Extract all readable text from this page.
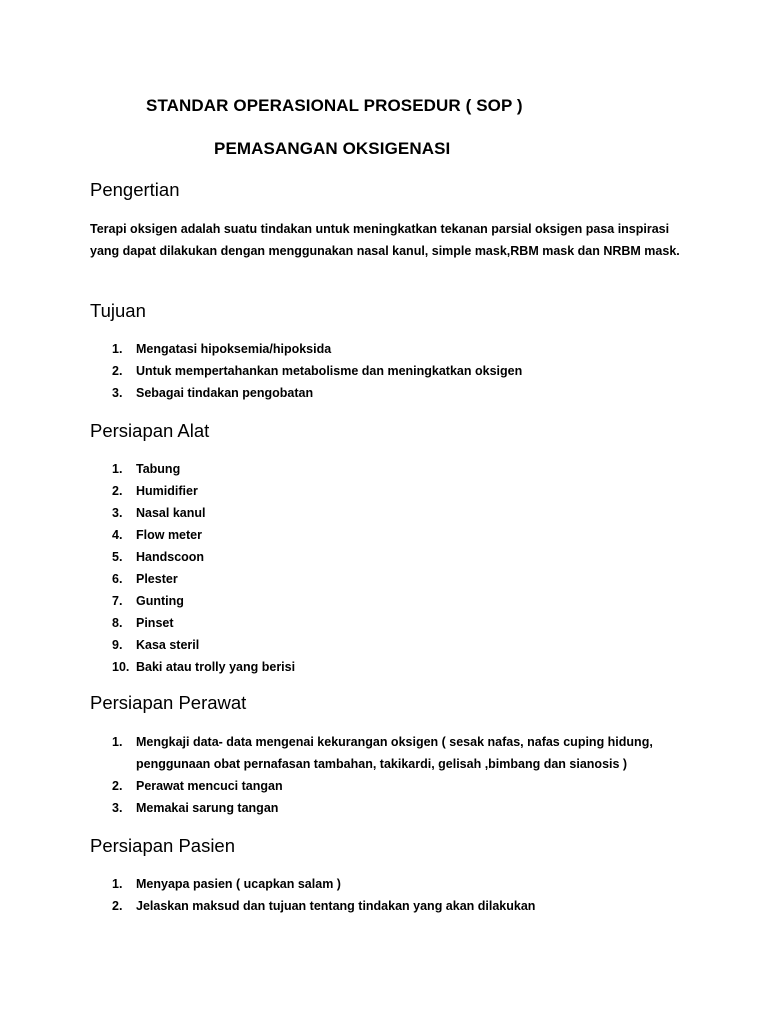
STANDAR OPERASIONAL PROSEDUR ( SOP )
PEMASANGAN OKSIGENASI
Pengertian
Terapi oksigen adalah suatu tindakan untuk meningkatkan tekanan parsial oksigen pasa inspirasi yang dapat dilakukan dengan menggunakan nasal kanul, simple mask,RBM mask dan NRBM mask.
Tujuan
1.	Mengatasi hipoksemia/hipoksida
2.	Untuk mempertahankan metabolisme dan meningkatkan oksigen
3.	Sebagai tindakan pengobatan
Persiapan Alat
1.	Tabung
2.	Humidifier
3.	Nasal kanul
4.	Flow meter
5.	Handscoon
6.	Plester
7.	Gunting
8.	Pinset
9.	Kasa steril
10. Baki atau trolly yang berisi
Persiapan Perawat
1.	Mengkaji data- data mengenai kekurangan oksigen ( sesak nafas, nafas cuping hidung, penggunaan obat pernafasan tambahan, takikardi, gelisah ,bimbang dan sianosis )
2.	Perawat mencuci tangan
3.	Memakai sarung tangan
Persiapan Pasien
1.	Menyapa pasien ( ucapkan salam )
2.	Jelaskan maksud dan tujuan tentang tindakan yang akan dilakukan
